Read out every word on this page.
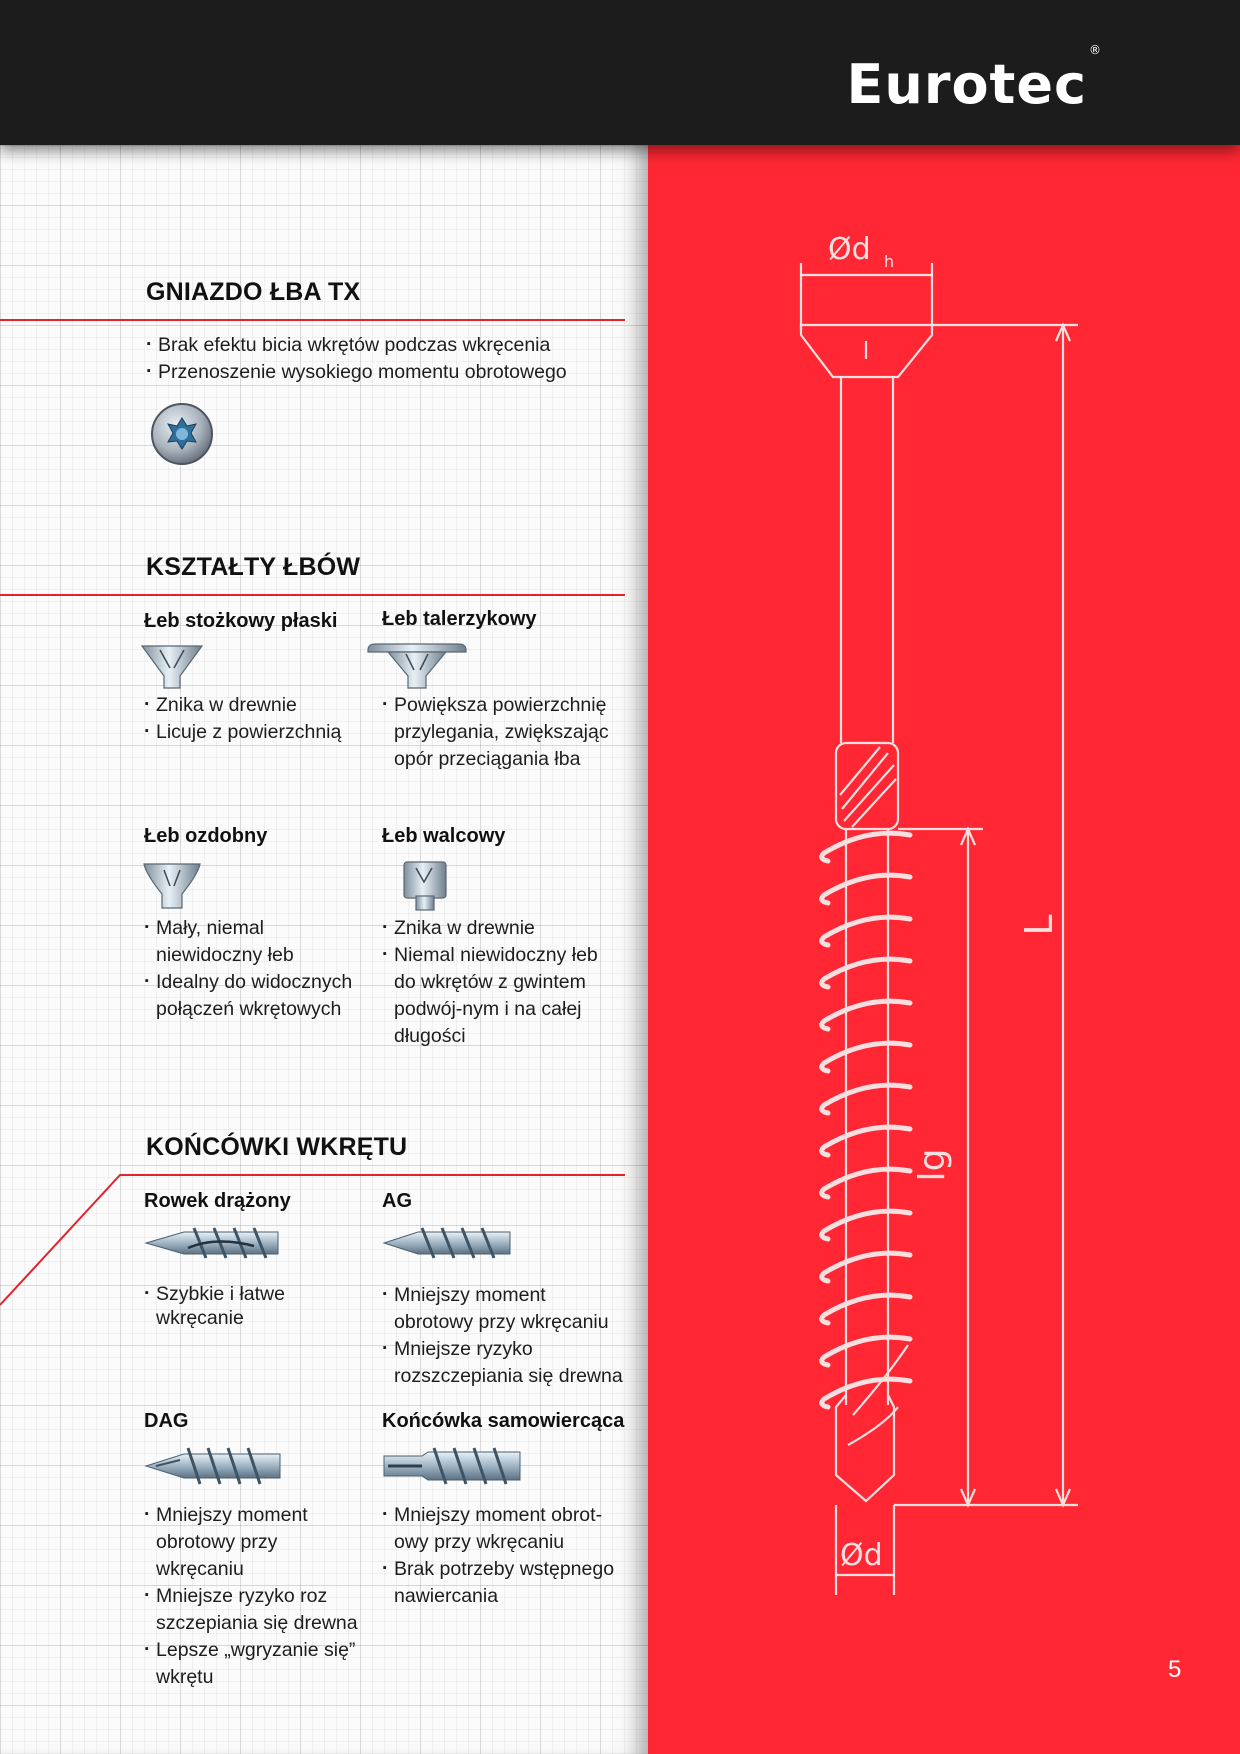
Eurotec®
GNIAZDO ŁBA TX
· Brak efektu bicia wkrętów podczas wkręcenia
· Przenoszenie wysokiego momentu obrotowego
KSZTAŁTY ŁBÓW
Łeb stożkowy płaski
· Znika w drewnie
· Licuje z powierzchnią
Łeb talerzykowy
· Powiększa powierzchnię przylegania, zwiększając opór przeciągania łba
Łeb ozdobny
· Mały, niemal niewidoczny łeb
· Idealny do widocznych połączeń wkrętowych
Łeb walcowy
· Znika w drewnie
· Niemal niewidoczny łeb do wkrętów z gwintem podwój-nym i na całej długości
KOŃCÓWKI WKRĘTU
Rowek drążony
· Szybkie i łatwe wkręcanie
AG
· Mniejszy moment obrotowy przy wkręcaniu
· Mniejsze ryzyko rozszczepiania się drewna
DAG
· Mniejszy moment obrotowy przy wkręcaniu
· Mniejsze ryzyko roz szczepiania się drewna
· Lepsze „wgryzanie się” wkrętu
Końcówka samowiercąca
· Mniejszy moment obrot-owy przy wkręcaniu
· Brak potrzeby wstępnego nawiercania
Ød h
L
lg
Ød
5
